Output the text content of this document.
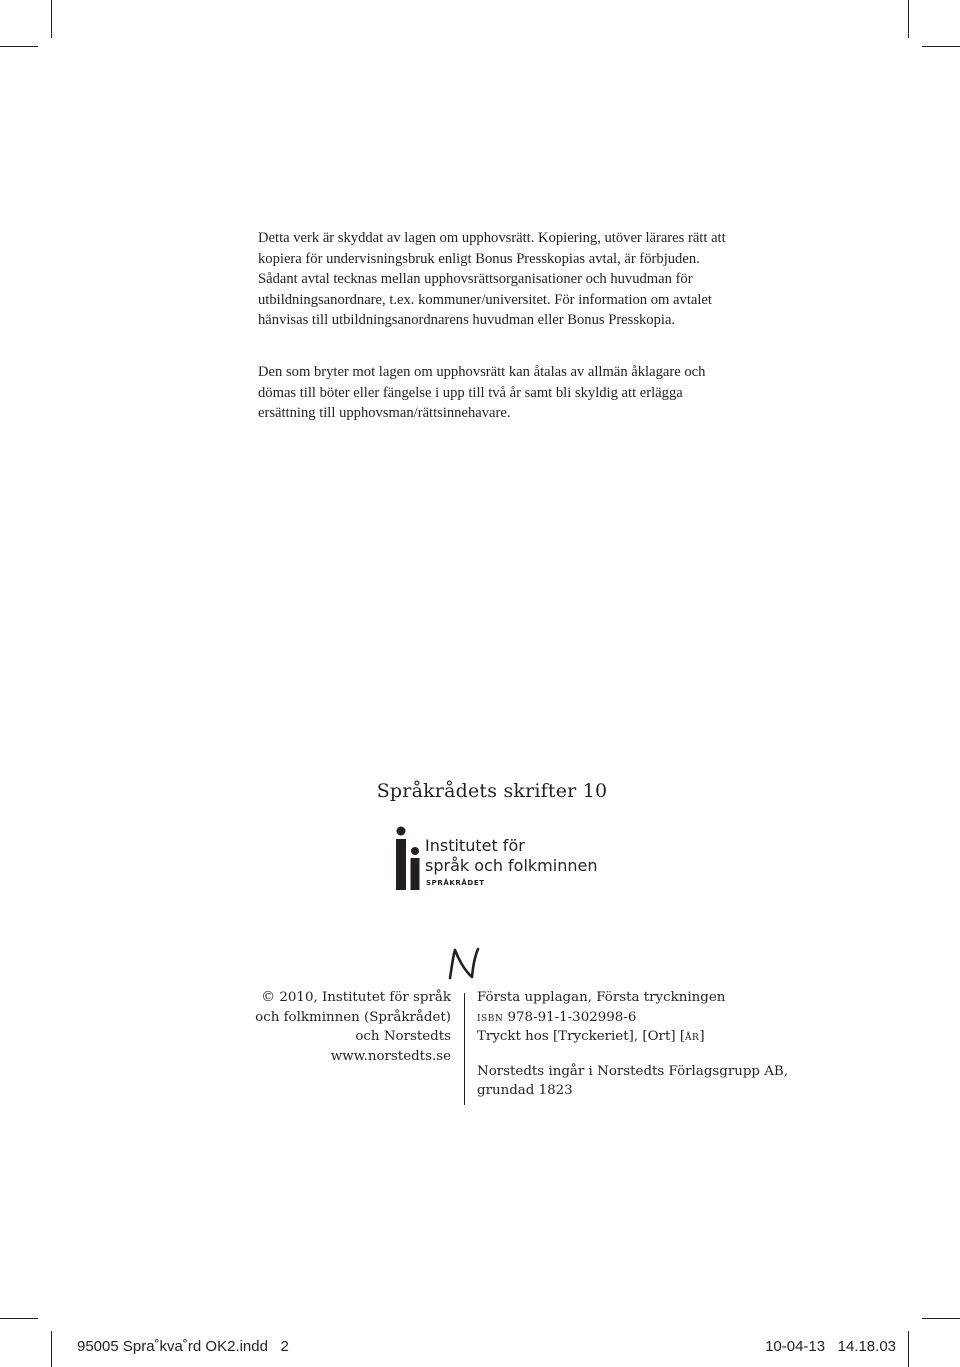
Detta verk är skyddat av lagen om upphovsrätt. Kopiering, utöver lärares rätt att kopiera för undervisningsbruk enligt Bonus Presskopias avtal, är förbjuden. Sådant avtal tecknas mellan upphovsrättsorganisationer och huvudman för utbildningsanordnare, t.ex. kommuner/universitet. För information om avtalet hänvisas till utbildningsanordnarens huvudman eller Bonus Presskopia.

Den som bryter mot lagen om upphovsrätt kan åtalas av allmän åklagare och dömas till böter eller fängelse i upp till två år samt bli skyldig att erlägga ersättning till upphovsman/rättsinnehavare.

Språkrådets skrifter 10
Institutet för
språk och folkminnen
SPRÅKRÅDET
© 2010, Institutet för språk
och folkminnen (Språkrådet)
och Norstedts
www.norstedts.se
Första upplagan, Första tryckningen
isbn 978-91-1-302998-6
Tryckt hos [Tryckeriet], [Ort] [år]
Norstedts ingår i Norstedts Förlagsgrupp AB,
grundad 1823
95005 Spra˚kva˚rd OK2.indd   2	10-04-13   14.18.03
